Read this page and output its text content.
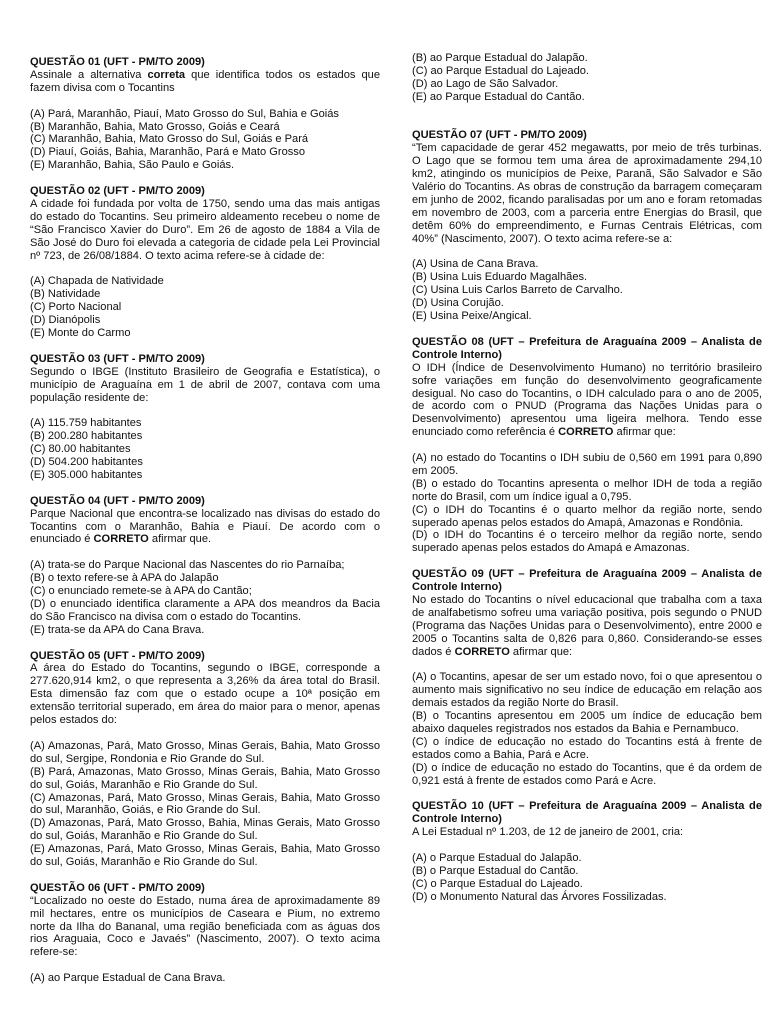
QUESTÃO 01 (UFT - PM/TO 2009)

Assinale a alternativa correta que identifica todos os estados que fazem divisa com o Tocantins

(A) Pará, Maranhão, Piauí, Mato Grosso do Sul, Bahia e Goiás

(B) Maranhão, Bahia, Mato Grosso, Goiás e Ceará

(C) Maranhão, Bahia, Mato Grosso do Sul, Goiás e Pará

(D) Piauí, Goiás, Bahia, Maranhão, Pará e Mato Grosso

(E) Maranhão, Bahia, São Paulo e Goiás.

QUESTÃO 02 (UFT - PM/TO 2009)

A cidade foi fundada por volta de 1750, sendo uma das mais antigas do estado do Tocantins. Seu primeiro aldeamento recebeu o nome de “São Francisco Xavier do Duro”. Em 26 de agosto de 1884 a Vila de São José do Duro foi elevada a categoria de cidade pela Lei Provincial nº 723, de 26/08/1884. O texto acima refere-se à cidade de:

(A) Chapada de Natividade

(B) Natividade

(C) Porto Nacional

(D) Dianópolis

(E) Monte do Carmo

QUESTÃO 03 (UFT - PM/TO 2009)

Segundo o IBGE (Instituto Brasileiro de Geografia e Estatística), o município de Araguaína em 1 de abril de 2007, contava com uma população residente de:

(A) 115.759 habitantes

(B) 200.280 habitantes

(C) 80.00 habitantes

(D) 504.200 habitantes

(E) 305.000 habitantes

QUESTÃO 04 (UFT - PM/TO 2009)

Parque Nacional que encontra-se localizado nas divisas do estado do Tocantins com o Maranhão, Bahia e Piauí. De acordo com o enunciado é CORRETO afirmar que.

(A) trata-se do Parque Nacional das Nascentes do rio Parnaíba;

(B) o texto refere-se à APA do Jalapão

(C) o enunciado remete-se à APA do Cantão;

(D) o enunciado identifica claramente a APA dos meandros da Bacia do São Francisco na divisa com o estado do Tocantins.

(E) trata-se da APA do Cana Brava.

QUESTÃO 05 (UFT - PM/TO 2009)

A área do Estado do Tocantins, segundo o IBGE, corresponde a 277.620,914 km2, o que representa a 3,26% da área total do Brasil. Esta dimensão faz com que o estado ocupe a 10ª posição em extensão territorial superado, em área do maior para o menor, apenas pelos estados do:

(A) Amazonas, Pará, Mato Grosso, Minas Gerais, Bahia, Mato Grosso do sul, Sergipe, Rondonia e Rio Grande do Sul.

(B) Pará, Amazonas, Mato Grosso, Minas Gerais, Bahia, Mato Grosso do sul, Goiás, Maranhão e Rio Grande do Sul.

(C) Amazonas, Pará, Mato Grosso, Minas Gerais, Bahia, Mato Grosso do sul, Maranhão, Goiás, e Rio Grande do Sul.

(D) Amazonas, Pará, Mato Grosso, Bahia, Minas Gerais, Mato Grosso do sul, Goiás, Maranhão e Rio Grande do Sul.

(E) Amazonas, Pará, Mato Grosso, Minas Gerais, Bahia, Mato Grosso do sul, Goiás, Maranhão e Rio Grande do Sul.

QUESTÃO 06 (UFT - PM/TO 2009)

“Localizado no oeste do Estado, numa área de aproximadamente 89 mil hectares, entre os municípios de Caseara e Pium, no extremo norte da Ilha do Bananal, uma região beneficiada com as águas dos rios Araguaia, Coco e Javaés” (Nascimento, 2007). O texto acima refere-se:

(A) ao Parque Estadual de Cana Brava.

(B) ao Parque Estadual do Jalapão.

(C) ao Parque Estadual do Lajeado.

(D) ao Lago de São Salvador.

(E) ao Parque Estadual do Cantão.

QUESTÃO 07 (UFT - PM/TO 2009)

“Tem capacidade de gerar 452 megawatts, por meio de três turbinas. O Lago que se formou tem uma área de aproximadamente 294,10 km2, atingindo os municípios de Peixe, Paranã, São Salvador e São Valério do Tocantins. As obras de construção da barragem começaram em junho de 2002, ficando paralisadas por um ano e foram retomadas em novembro de 2003, com a parceria entre Energias do Brasil, que detêm 60% do empreendimento, e Furnas Centrais Elétricas, com 40%” (Nascimento, 2007). O texto acima refere-se a:

(A) Usina de Cana Brava.

(B) Usina Luis Eduardo Magalhães.

(C) Usina Luis Carlos Barreto de Carvalho.

(D) Usina Corujão.

(E) Usina Peixe/Angical.

QUESTÃO 08 (UFT – Prefeitura de Araguaína 2009 – Analista de Controle Interno)

O IDH (Índice de Desenvolvimento Humano) no território brasileiro sofre variações em função do desenvolvimento geograficamente desigual. No caso do Tocantins, o IDH calculado para o ano de 2005, de acordo com o PNUD (Programa das Nações Unidas para o Desenvolvimento) apresentou uma ligeira melhora. Tendo esse enunciado como referência é CORRETO afirmar que:

(A) no estado do Tocantins o IDH subiu de 0,560 em 1991 para 0,890 em 2005.

(B) o estado do Tocantins apresenta o melhor IDH de toda a região norte do Brasil, com um índice igual a 0,795.

(C) o IDH do Tocantins é o quarto melhor da região norte, sendo superado apenas pelos estados do Amapá, Amazonas e Rondônia.

(D) o IDH do Tocantins é o terceiro melhor da região norte, sendo superado apenas pelos estados do Amapá e Amazonas.

QUESTÃO 09 (UFT – Prefeitura de Araguaína 2009 – Analista de Controle Interno)

No estado do Tocantins o nível educacional que trabalha com a taxa de analfabetismo sofreu uma variação positiva, pois segundo o PNUD (Programa das Nações Unidas para o Desenvolvimento), entre 2000 e 2005 o Tocantins salta de 0,826 para 0,860. Considerando-se esses dados é CORRETO afirmar que:

(A) o Tocantins, apesar de ser um estado novo, foi o que apresentou o aumento mais significativo no seu índice de educação em relação aos demais estados da região Norte do Brasil.

(B) o Tocantins apresentou em 2005 um índice de educação bem abaixo daqueles registrados nos estados da Bahia e Pernambuco.

(C) o índice de educação no estado do Tocantins está à frente de estados como a Bahia, Pará e Acre.

(D) o índice de educação no estado do Tocantins, que é da ordem de 0,921 está à frente de estados como Pará e Acre.

QUESTÃO 10 (UFT – Prefeitura de Araguaína 2009 – Analista de Controle Interno)

A Lei Estadual nº 1.203, de 12 de janeiro de 2001, cria:

(A) o Parque Estadual do Jalapão.

(B) o Parque Estadual do Cantão.

(C) o Parque Estadual do Lajeado.

(D) o Monumento Natural das Árvores Fossilizadas.
